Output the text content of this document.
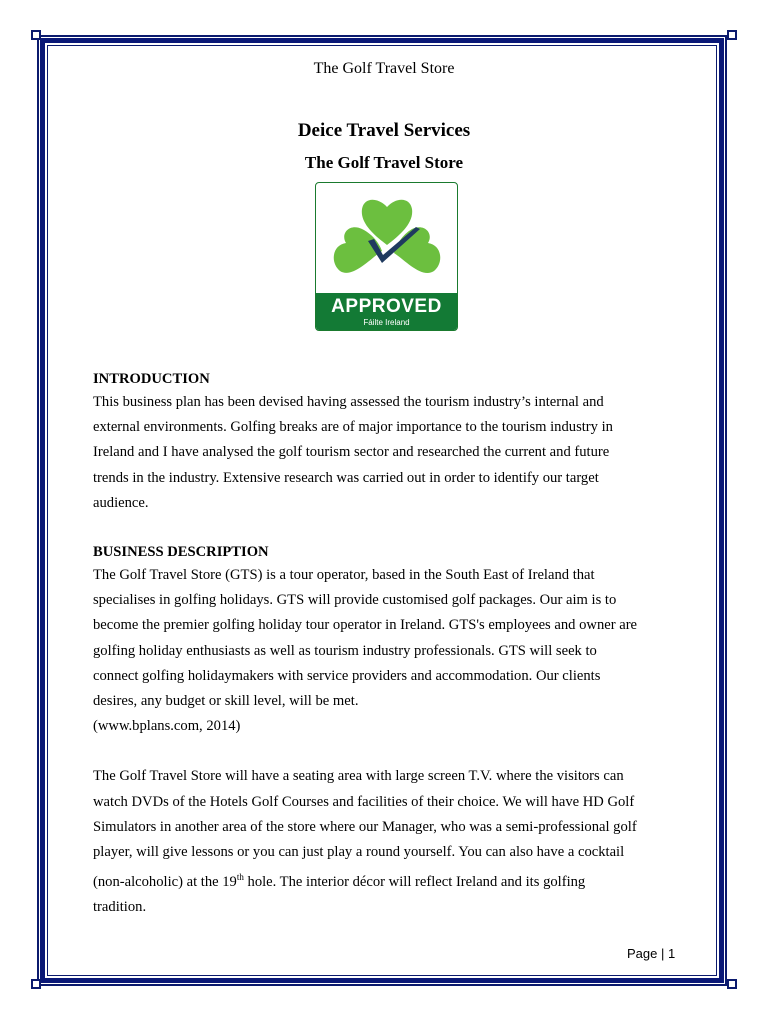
The Golf Travel Store
Deice Travel Services
The Golf Travel Store
APPROVED
Fáilte Ireland
INTRODUCTION

This business plan has been devised having assessed the tourism industry’s internal and

external environments. Golfing breaks are of major importance to the tourism industry in

Ireland and I have analysed the golf tourism sector and researched the current and future

trends in the industry. Extensive research was carried out in order to identify our target

audience.

BUSINESS DESCRIPTION

The Golf Travel Store (GTS) is a tour operator, based in the South East of Ireland that

specialises in golfing holidays. GTS will provide customised golf packages. Our aim is to

become the premier golfing holiday tour operator in Ireland. GTS's employees and owner are

golfing holiday enthusiasts as well as tourism industry professionals. GTS will seek to

connect golfing holidaymakers with service providers and accommodation. Our clients

desires, any budget or skill level, will be met.

(www.bplans.com, 2014)

The Golf Travel Store will have a seating area with large screen T.V. where the visitors can

watch DVDs of the Hotels Golf Courses and facilities of their choice. We will have HD Golf

Simulators in another area of the store where our Manager, who was a semi-professional golf

player, will give lessons or you can just play a round yourself. You can also have a cocktail

(non-alcoholic) at the 19th hole. The interior décor will reflect Ireland and its golfing

tradition.

Page | 1
